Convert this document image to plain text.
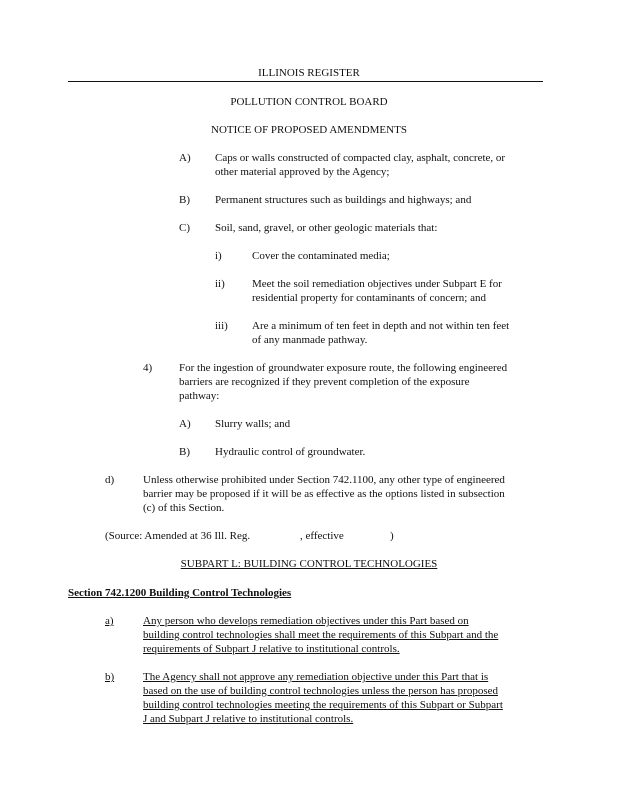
ILLINOIS REGISTER
POLLUTION CONTROL BOARD
NOTICE OF PROPOSED AMENDMENTS
A) Caps or walls constructed of compacted clay, asphalt, concrete, or
other material approved by the Agency;
B) Permanent structures such as buildings and highways; and
C) Soil, sand, gravel, or other geologic materials that:
i)	Cover the contaminated media;
ii) Meet the soil remediation objectives under Subpart E for
residential property for contaminants of concern; and
iii) Are a minimum of ten feet in depth and not within ten feet
of any manmade pathway.
4) For the ingestion of groundwater exposure route, the following engineered
barriers are recognized if they prevent completion of the exposure
pathway:
A) Slurry walls; and
B) Hydraulic control of groundwater.
d)	Unless otherwise prohibited under Section 742.1100, any other type of engineered
barrier may be proposed if it will be as effective as the options listed in subsection
(c) of this Section.
(Source: Amended at 36 Ill. Reg.	, effective	)
SUBPART L: BUILDING CONTROL TECHNOLOGIES
Section 742.1200 Building Control Technologies
a)	Any person who develops remediation objectives under this Part based on
building control technologies shall meet the requirements of this Subpart and the
requirements of Subpart J relative to institutional controls.
b)	The Agency shall not approve any remediation objective under this Part that is
based on the use of building control technologies unless the person has proposed
building control technologies meeting the requirements of this Subpart or Subpart
J and Subpart J relative to institutional controls.
